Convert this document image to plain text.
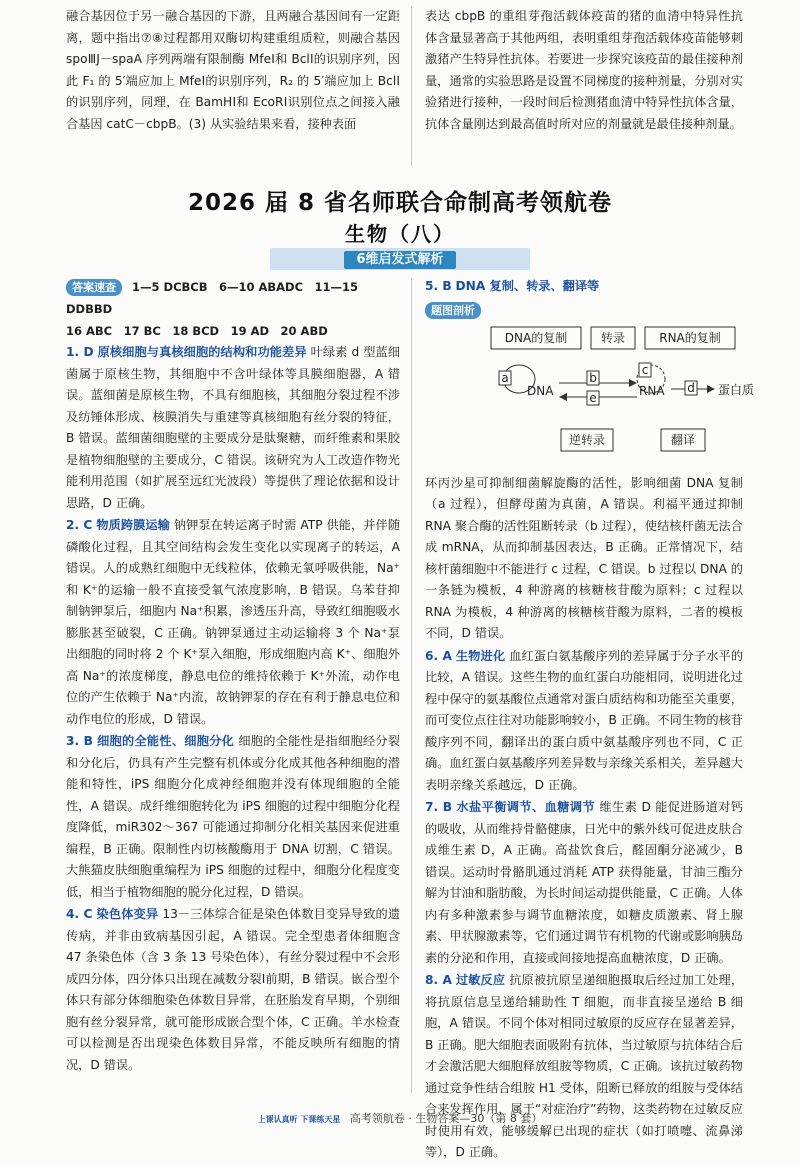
融合基因位于另一融合基因的下游，且两融合基因间有一定距离，题中指出⑦⑧过程都用双酶切构建重组质粒，则融合基因 spoⅢJ－spaA 序列两端有限制酶 MfeⅠ和 BclⅠ的识别序列，因此 F₁ 的 5′端应加上 MfeⅠ的识别序列，R₂ 的 5′端应加上 BclⅠ的识别序列，同理，在 BamHⅠ和 EcoRⅠ识别位点之间接入融合基因 catC－cbpB。(3) 从实验结果来看，接种表面

表达 cbpB 的重组芽孢活载体疫苗的猪的血清中特异性抗体含量显著高于其他两组，表明重组芽孢活载体疫苗能够刺激猪产生特异性抗体。若要进一步探究该疫苗的最佳接种剂量，通常的实验思路是设置不同梯度的接种剂量，分别对实验猪进行接种，一段时间后检测猪血清中特异性抗体含量，抗体含量刚达到最高值时所对应的剂量就是最佳接种剂量。

2026 届 8 省名师联合命制高考领航卷
生物（八）
6维启发式解析
答案速查 1—5 DCBCB　6—10 ABADC　11—15 DDBBD
16 ABC　17 BC　18 BCD　19 AD　20 ABD

1. D 原核细胞与真核细胞的结构和功能差异 叶绿素 d 型蓝细菌属于原核生物，其细胞中不含叶绿体等具膜细胞器，A 错误。蓝细菌是原核生物，不具有细胞核，其细胞分裂过程不涉及纺锤体形成、核膜消失与重建等真核细胞有丝分裂的特征，B 错误。蓝细菌细胞壁的主要成分是肽聚糖，而纤维素和果胶是植物细胞壁的主要成分，C 错误。该研究为人工改造作物光能利用范围（如扩展至远红光波段）等提供了理论依据和设计思路，D 正确。

2. C 物质跨膜运输 钠钾泵在转运离子时需 ATP 供能，并伴随磷酸化过程，且其空间结构会发生变化以实现离子的转运，A 错误。人的成熟红细胞中无线粒体，依赖无氧呼吸供能，Na⁺和 K⁺的运输一般不直接受氧气浓度影响，B 错误。乌苯苷抑制钠钾泵后，细胞内 Na⁺积累，渗透压升高，导致红细胞吸水膨胀甚至破裂，C 正确。钠钾泵通过主动运输将 3 个 Na⁺泵出细胞的同时将 2 个 K⁺泵入细胞，形成细胞内高 K⁺、细胞外高 Na⁺的浓度梯度，静息电位的维持依赖于 K⁺外流，动作电位的产生依赖于 Na⁺内流，故钠钾泵的存在有利于静息电位和动作电位的形成，D 错误。

3. B 细胞的全能性、细胞分化 细胞的全能性是指细胞经分裂和分化后，仍具有产生完整有机体或分化成其他各种细胞的潜能和特性，iPS 细胞分化成神经细胞并没有体现细胞的全能性，A 错误。成纤维细胞转化为 iPS 细胞的过程中细胞分化程度降低，miR302～367 可能通过抑制分化相关基因来促进重编程，B 正确。限制性内切核酸酶用于 DNA 切割，C 错误。大熊猫皮肤细胞重编程为 iPS 细胞的过程中，细胞分化程度变低，相当于植物细胞的脱分化过程，D 错误。

4. C 染色体变异 13－三体综合征是染色体数目变异导致的遗传病，并非由致病基因引起，A 错误。完全型患者体细胞含 47 条染色体（含 3 条 13 号染色体），有丝分裂过程中不会形成四分体，四分体只出现在减数分裂Ⅰ前期，B 错误。嵌合型个体只有部分体细胞染色体数目异常，在胚胎发育早期，个别细胞有丝分裂异常，就可能形成嵌合型个体，C 正确。羊水检查可以检测是否出现染色体数目异常，不能反映所有细胞的情况，D 错误。

5. B DNA 复制、转录、翻译等

题图剖析
DNA的复制	转录	RNA的复制
a
DNA
b
e
c
RNA d 蛋白质
逆转录	翻译

环丙沙星可抑制细菌解旋酶的活性，影响细菌 DNA 复制（a 过程），但酵母菌为真菌，A 错误。利福平通过抑制 RNA 聚合酶的活性阻断转录（b 过程），使结核杆菌无法合成 mRNA，从而抑制基因表达，B 正确。正常情况下，结核杆菌细胞中不能进行 c 过程，C 错误。b 过程以 DNA 的一条链为模板，4 种游离的核糖核苷酸为原料；c 过程以 RNA 为模板，4 种游离的核糖核苷酸为原料，二者的模板不同，D 错误。

6. A 生物进化 血红蛋白氨基酸序列的差异属于分子水平的比较，A 错误。这些生物的血红蛋白功能相同，说明进化过程中保守的氨基酸位点通常对蛋白质结构和功能至关重要，而可变位点往往对功能影响较小，B 正确。不同生物的核苷酸序列不同，翻译出的蛋白质中氨基酸序列也不同，C 正确。血红蛋白氨基酸序列差异数与亲缘关系相关，差异越大表明亲缘关系越远，D 正确。

7. B 水盐平衡调节、血糖调节 维生素 D 能促进肠道对钙的吸收，从而维持骨骼健康，日光中的紫外线可促进皮肤合成维生素 D，A 正确。高盐饮食后，醛固酮分泌减少，B 错误。运动时骨骼肌通过消耗 ATP 获得能量，甘油三酯分解为甘油和脂肪酸，为长时间运动提供能量，C 正确。人体内有多种激素参与调节血糖浓度，如糖皮质激素、肾上腺素、甲状腺激素等，它们通过调节有机物的代谢或影响胰岛素的分泌和作用，直接或间接地提高血糖浓度，D 正确。

8. A 过敏反应 抗原被抗原呈递细胞摄取后经过加工处理，将抗原信息呈递给辅助性 T 细胞，而非直接呈递给 B 细胞，A 错误。不同个体对相同过敏原的反应存在显著差异，B 正确。肥大细胞表面吸附有抗体，当过敏原与抗体结合后才会激活肥大细胞释放组胺等物质，C 正确。该抗过敏药物通过竞争性结合组胺 H1 受体，阻断已释放的组胺与受体结合来发挥作用，属于“对症治疗”药物，这类药物在过敏反应时使用有效，能够缓解已出现的症状（如打喷嚏、流鼻涕等），D 正确。

上课认真听 下课练天星 高考领航卷 · 生物答案—30（第 8 套）
